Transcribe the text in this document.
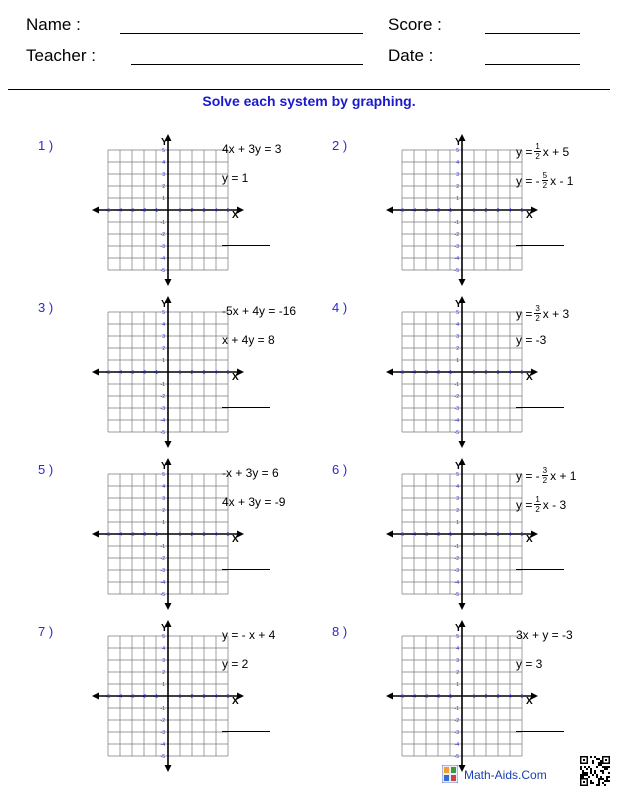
Name :	Score :
Teacher :	Date :
Solve each system by graphing.
1 )
X
Y
-5
-5
-4
-4
-3
-3
-2
-2
-1
-1
1
1
2
2
3
3
4
4
5
5	4x + 3y = 3
y = 1
2 )
X
Y
-5
-5
-4
-4
-3
-3
-2
-2
-1
-1
1
1
2
2
3
3
4
4
5
5	$y = \frac{1}{2}$ x + 5
y = - $\frac{5}{2}$ x - 1
3 )
X
Y
-5
-5
-4
-4
-3
-3
-2
-2
-1
-1
1
1
2
2
3
3
4
4
5
5	-5x + 4y = -16
x + 4y = 8
4 )
X
Y
-5
-5
-4
-4
-3
-3
-2
-2
-1
-1
1
1
2
2
3
3
4
4
5
5	$y = \frac{3}{2}$ x + 3
y = -3
5 )
X
Y
-5
-5
-4
-4
-3
-3
-2
-2
-1
-1
1
1
2
2
3
3
4
4
5
5	-x + 3y = 6
4x + 3y = -9
6 )
X
Y
-5
-5
-4
-4
-3
-3
-2
-2
-1
-1
1
1
2
2
3
3
4
4
5
5	y = - $\frac{3}{2}$ x + 1
$y = \frac{1}{2}$ x - 3
7 )
X
Y
-5
-5
-4
-4
-3
-3
-2
-2
-1
-1
1
1
2
2
3
3
4
4
5
5	y = - x + 4
y = 2
8 )
X
Y
-5
-5
-4
-4
-3
-3
-2
-2
-1
-1
1
1
2
2
3
3
4
4
5
5	3x + y = -3
y = 3
Math-Aids.Com
